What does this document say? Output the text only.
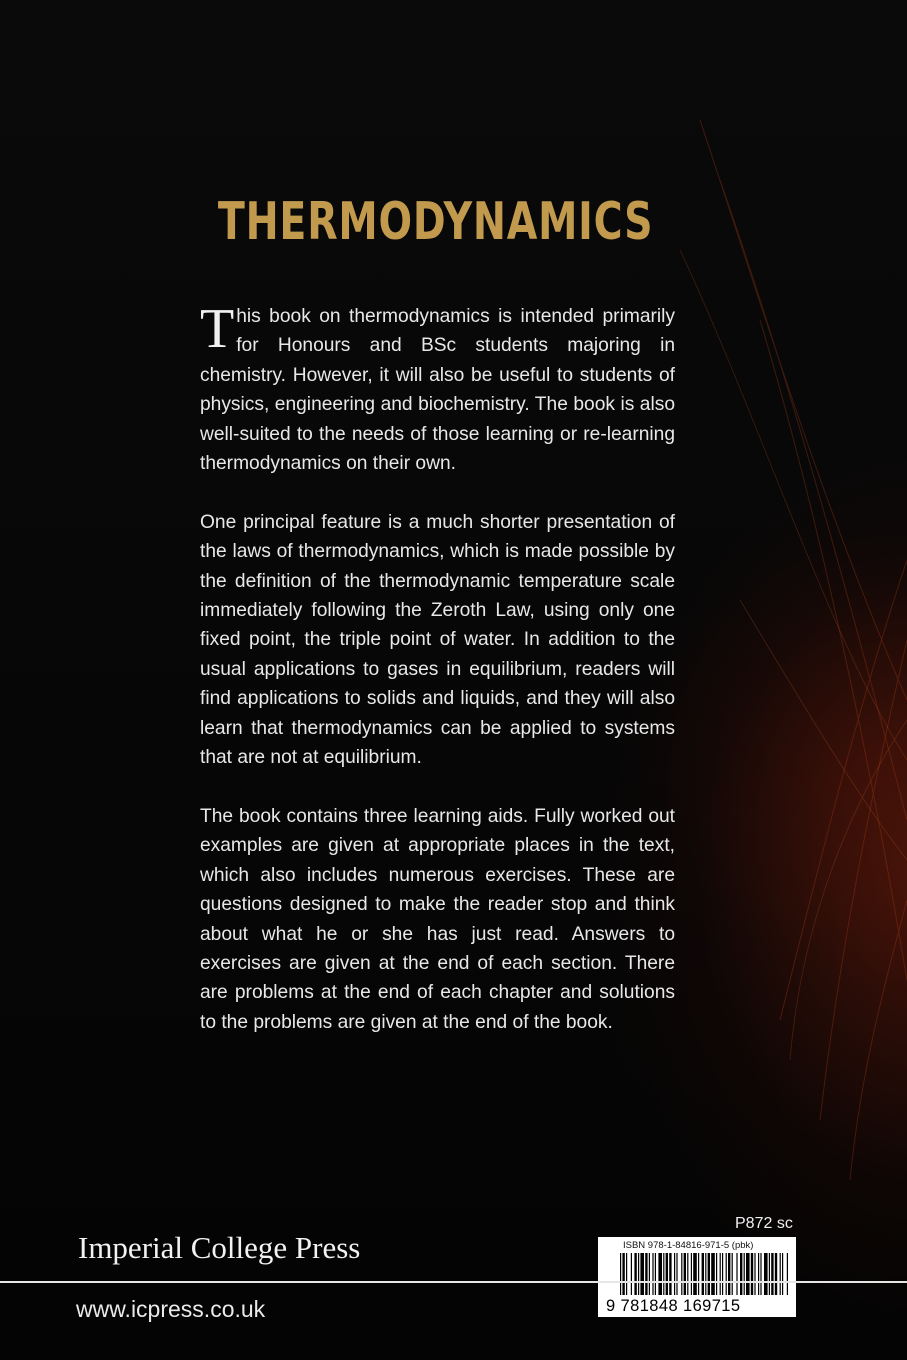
THERMODYNAMICS

This book on thermodynamics is intended primarily for Honours and BSc students majoring in chemistry. However, it will also be useful to students of physics, engineering and biochemistry. The book is also well-suited to the needs of those learning or re-learning thermodynamics on their own.

One principal feature is a much shorter presentation of the laws of thermodynamics, which is made possible by the definition of the thermodynamic temperature scale immediately following the Zeroth Law, using only one fixed point, the triple point of water. In addition to the usual applications to gases in equilibrium, readers will find applications to solids and liquids, and they will also learn that thermodynamics can be applied to systems that are not at equilibrium.

The book contains three learning aids. Fully worked out examples are given at appropriate places in the text, which also includes numerous exercises. These are questions designed to make the reader stop and think about what he or she has just read. Answers to exercises are given at the end of each section. There are problems at the end of each chapter and solutions to the problems are given at the end of the book.

P872 sc
Imperial College Press	ISBN 978-1-84816-971-5 (pbk)
9 781848 169715
www.icpress.co.uk
